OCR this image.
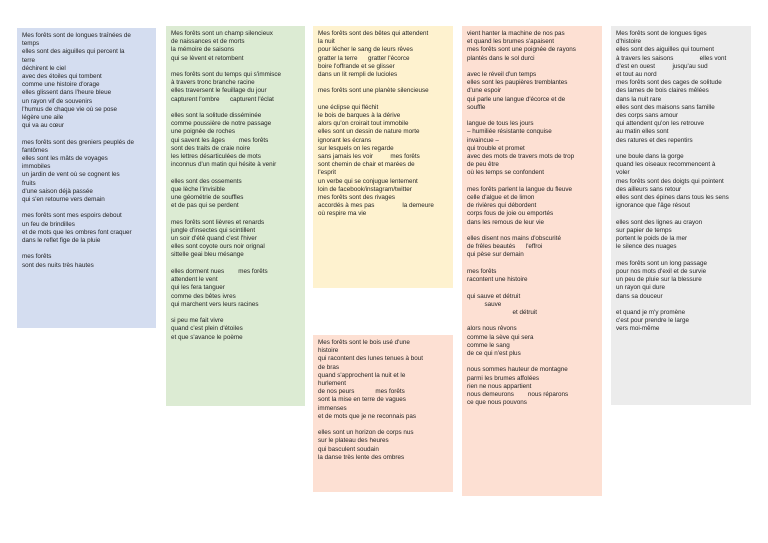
Mes forêts sont de longues traînées de
temps
elles sont des aiguilles qui percent la
terre
déchirent le ciel
avec des étoiles qui tombent
comme une histoire d'orage
elles glissent dans l'heure bleue
un rayon vif de souvenirs
l'humus de chaque vie où se pose
légère une aile
qui va au cœur

mes forêts sont des greniers peuplés de
fantômes
elles sont les mâts de voyages
immobiles
un jardin de vent où se cognent les
fruits
d'une saison déjà passée
qui s'en retourne vers demain

mes forêts sont mes espoirs debout
un feu de brindilles
et de mots que les ombres font craquer
dans le reflet fige de la pluie

mes forêts
sont des nuits très hautes
Mes forêts sont un champ silencieux
de naissances et de morts
la mémoire de saisons
qui se lèvent et retombent

mes forêts sont du temps qui s'immisce
à travers tronc branche racine
elles traversent le feuillage du jour
capturent l'ombre      capturent l'éclat

elles sont la solitude disséminée
comme poussière de notre passage
une poignée de roches
qui savent les âges        mes forêts
sont des traits de craie noire
les lettres désarticulées de mots
inconnus d'un matin qui hésite à venir

elles sont des ossements
que lèche l'invisible
une géométrie de souffles
et de pas qui se perdent

mes forêts sont lièvres et renards
jungle d'insectes qui scintillent
un soir d'été quand c'est l'hiver
elles sont coyote ours noir orignal
sittelle geai bleu mésange

elles dorment nues        mes forêts
attendent le vent
qui les fera tanguer
comme des bêtes ivres
qui marchent vers leurs racines

si peu me fait vivre
quand c'est plein d'étoiles
et que s'avance le poème
Mes forêts sont des bêtes qui attendent
la nuit
pour lécher le sang de leurs rêves
gratter la terre      gratter l'écorce
boire l'offrande et se glisser
dans un lit rempli de lucioles

mes forêts sont une planète silencieuse

une éclipse qui fléchit
le bois de barques à la dérive
alors qu'on croirait tout immobile
elles sont un dessin de nature morte
ignorant les écrans
sur lesquels on les regarde
sans jamais les voir          mes forêts
sont chemin de chair et marées de
l'esprit
un verbe qui se conjugue lentement
loin de facebook/instagram/twitter
mes forêts sont des rivages
accordés à mes pas                la demeure
où respire ma vie
Mes forêts sont le bois usé d'une
histoire
qui racontent des lunes tenues à bout
de bras
quand s'approchent la nuit et le
hurlement
de nos peurs            mes forêts
sont la mise en terre de vagues
immenses
et de mots que je ne reconnais pas

elles sont un horizon de corps nus
sur le plateau des heures
qui basculent soudain
la danse très lente des ombres
vient hanter la machine de nos pas
et quand les brumes s'apaisent
mes forêts sont une poignée de rayons
plantés dans le sol durci

avec le réveil d'un temps
elles sont les paupières tremblantes
d'une espoir
qui parle une langue d'écorce et de
souffle

langue de tous les jours
– humiliée résistante conquise
invaincue –
qui trouble et promet
avec des mots de travers mots de trop
de peu être
où les temps se confondent

mes forêts parlent la langue du fleuve
celle d'algue et de limon
de rivières qui débordent
corps fous de joie ou emportés
dans les remous de leur vie

elles disent nos mains d'obscurité
de frêles beautés      l'effroi
qui pèse sur demain

mes forêts
racontent une histoire

qui sauve et détruit
sauve
et détruit

alors nous rêvons
comme la sève qui sera
comme le sang
de ce qui n'est plus

nous sommes hauteur de montagne
parmi les brumes affolées
rien ne nous appartient
nous demeurons        nous réparons
ce que nous pouvons
Mes forêts sont de longues tiges
d'histoire
elles sont des aiguilles qui tournent
à travers les saisons               elles vont
d'est en ouest          jusqu'au sud
et tout au nord
mes forêts sont des cages de solitude
des lames de bois claires mêlées
dans la nuit rare
elles sont des maisons sans famille
des corps sans amour
qui attendent qu'on les retrouve
au matin elles sont
des ratures et des repentirs

une boule dans la gorge
quand les oiseaux recommencent à
voler
mes forêts sont des doigts qui pointent
des ailleurs sans retour
elles sont des épines dans tous les sens
ignorance que l'âge résout

elles sont des lignes au crayon
sur papier de temps
portent le poids de la mer
le silence des nuages

mes forêts sont un long passage
pour nos mots d'exil et de survie
un peu de pluie sur la blessure
un rayon qui dure
dans sa douceur

et quand je m'y promène
c'est pour prendre le large
vers moi-même
